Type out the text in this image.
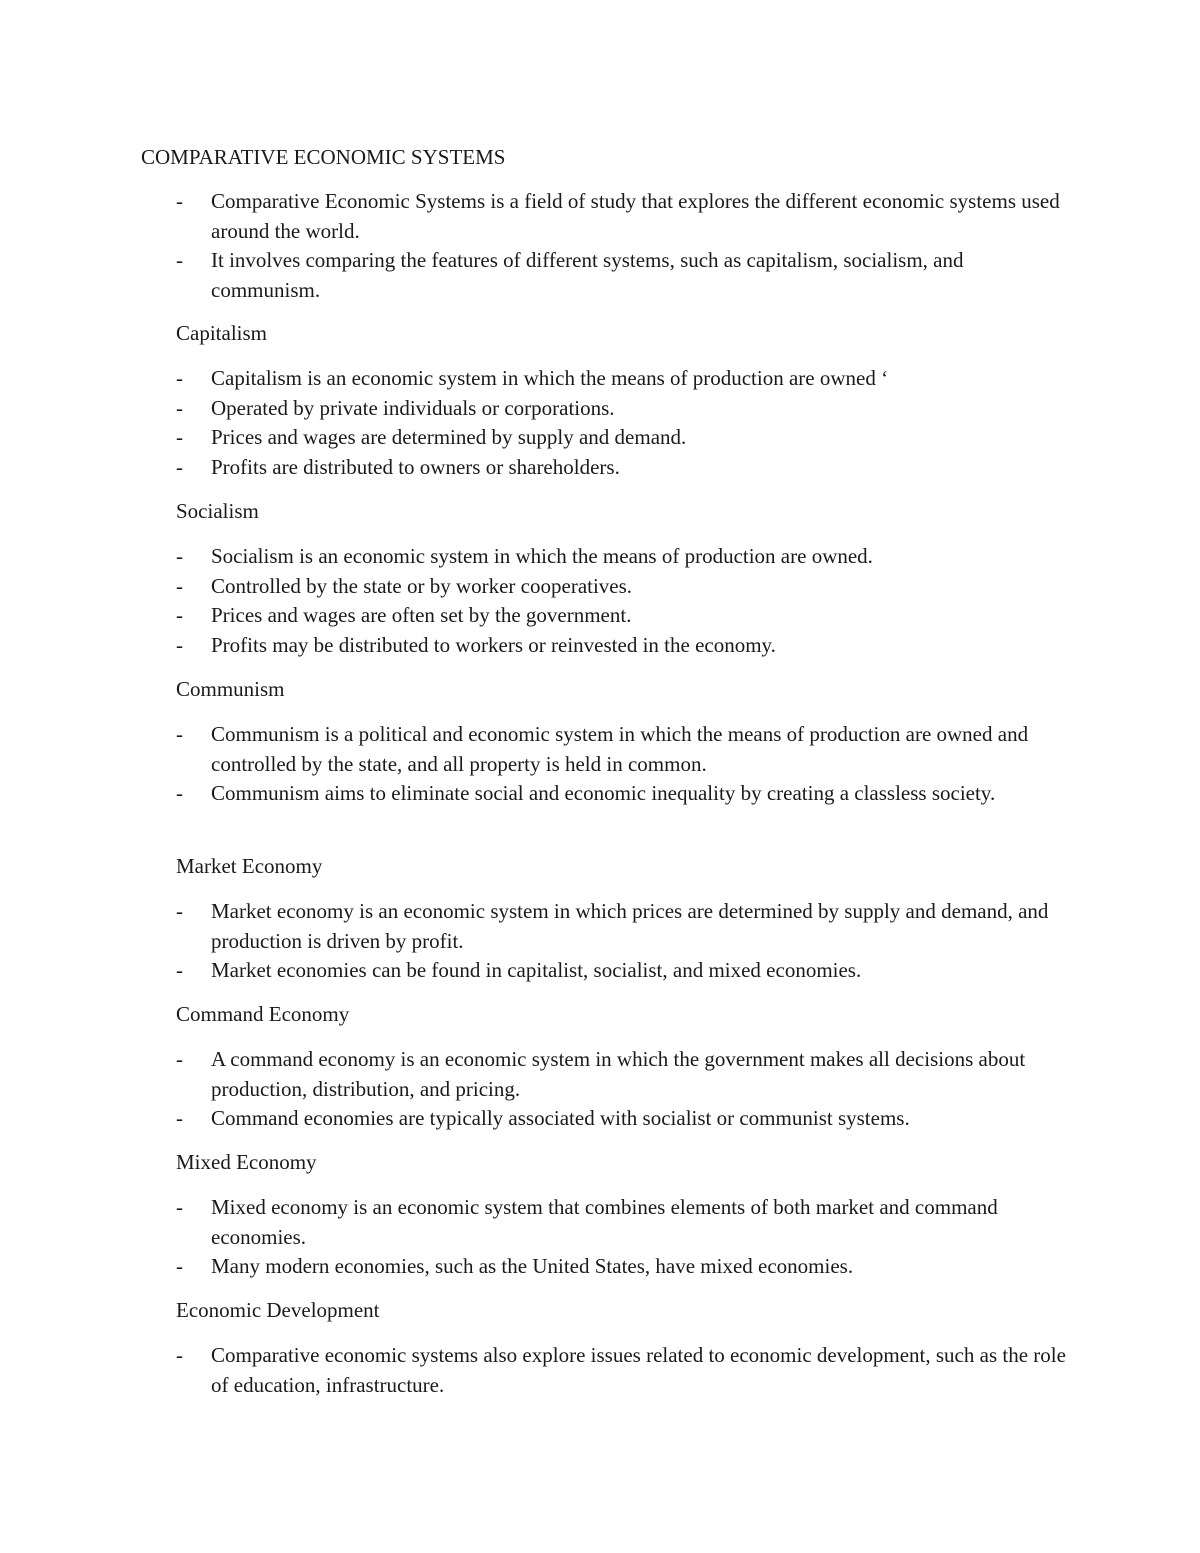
COMPARATIVE ECONOMIC SYSTEMS
- Comparative Economic Systems is a field of study that explores the different economic systems used around the world.
- It involves comparing the features of different systems, such as capitalism, socialism, and communism.
Capitalism
- Capitalism is an economic system in which the means of production are owned ‘
- Operated by private individuals or corporations.
- Prices and wages are determined by supply and demand.
- Profits are distributed to owners or shareholders.
Socialism
- Socialism is an economic system in which the means of production are owned.
- Controlled by the state or by worker cooperatives.
- Prices and wages are often set by the government.
- Profits may be distributed to workers or reinvested in the economy.
Communism
- Communism is a political and economic system in which the means of production are owned and controlled by the state, and all property is held in common.
- Communism aims to eliminate social and economic inequality by creating a classless society.
Market Economy
- Market economy is an economic system in which prices are determined by supply and demand, and production is driven by profit.
- Market economies can be found in capitalist, socialist, and mixed economies.
Command Economy
- A command economy is an economic system in which the government makes all decisions about production, distribution, and pricing.
- Command economies are typically associated with socialist or communist systems.
Mixed Economy
- Mixed economy is an economic system that combines elements of both market and command economies.
- Many modern economies, such as the United States, have mixed economies.
Economic Development
- Comparative economic systems also explore issues related to economic development, such as the role of education, infrastructure.
